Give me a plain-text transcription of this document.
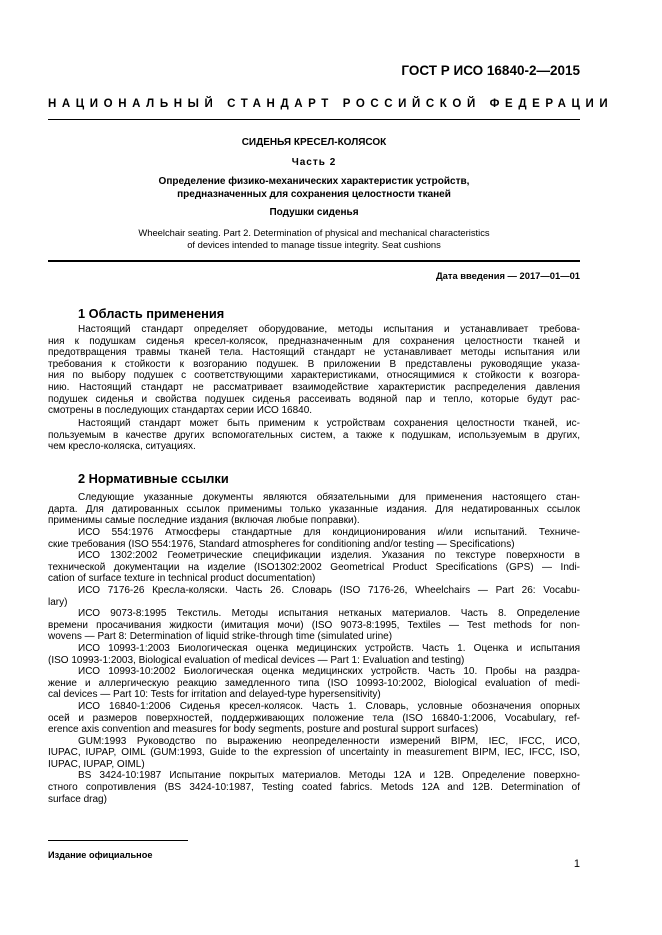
ГОСТ Р ИСО 16840-2—2015
НАЦИОНАЛЬНЫЙ СТАНДАРТ РОССИЙСКОЙ ФЕДЕРАЦИИ
СИДЕНЬЯ КРЕСЕЛ-КОЛЯСОК
Часть 2
Определение физико-механических характеристик устройств,
предназначенных для сохранения целостности тканей
Подушки сиденья
Wheelchair seating. Part 2. Determination of physical and mechanical characteristics
of devices intended to manage tissue integrity. Seat cushions
Дата введения — 2017—01—01
1 Область применения
Настоящий стандарт определяет оборудование, методы испытания и устанавливает требова-
ния к подушкам сиденья кресел-колясок, предназначенным для сохранения целостности тканей и
предотвращения травмы тканей тела. Настоящий стандарт не устанавливает методы испытания или
требования к стойкости к возгоранию подушек. В приложении В представлены руководящие указа-
ния по выбору подушек с соответствующими характеристиками, относящимися к стойкости к возгора-
нию. Настоящий стандарт не рассматривает взаимодействие характеристик распределения давления
подушек сиденья и свойства подушек сиденья рассеивать водяной пар и тепло, которые будут рас-
смотрены в последующих стандартах серии ИСО 16840.
Настоящий стандарт может быть применим к устройствам сохранения целостности тканей, ис-
пользуемым в качестве других вспомогательных систем, а также к подушкам, используемым в других,
чем кресло-коляска, ситуациях.
2 Нормативные ссылки
Следующие указанные документы являются обязательными для применения настоящего стан-
дарта. Для датированных ссылок применимы только указанные издания. Для недатированных ссылок
применимы самые последние издания (включая любые поправки).
ИСО 554:1976 Атмосферы стандартные для кондиционирования и/или испытаний. Техниче-
ские требования (ISO 554:1976, Standard atmospheres for conditioning and/or testing — Specifications)
ИСО 1302:2002 Геометрические спецификации изделия. Указания по текстуре поверхности в
технической документации на изделие (ISO1302:2002 Geometrical Product Specifications (GPS) — Indi-
cation of surface texture in technical product documentation)
ИСО 7176-26 Кресла-коляски. Часть 26. Словарь (ISO 7176-26, Wheelchairs — Part 26: Vocabu-
lary)
ИСО 9073-8:1995 Текстиль. Методы испытания нетканых материалов. Часть 8. Определение
времени просачивания жидкости (имитация мочи) (ISO 9073-8:1995, Textiles — Test methods for non-
wovens — Part 8: Determination of liquid strike-through time (simulated urine)
ИСО 10993-1:2003 Биологическая оценка медицинских устройств. Часть 1. Оценка и испытания
(ISO 10993-1:2003, Biological evaluation of medical devices — Part 1: Evaluation and testing)
ИСО 10993-10:2002 Биологическая оценка медицинских устройств. Часть 10. Пробы на раздра-
жение и аллергическую реакцию замедленного типа (ISO 10993-10:2002, Biological evaluation of medi-
cal devices — Part 10: Tests for irritation and delayed-type hypersensitivity)
ИСО 16840-1:2006 Сиденья кресел-колясок. Часть 1. Словарь, условные обозначения опорных
осей и размеров поверхностей, поддерживающих положение тела (ISO 16840-1:2006, Vocabulary, ref-
erence axis convention and measures for body segments, posture and postural support surfaces)
GUM:1993 Руководство по выражению неопределенности измерений BIPM, IEC, IFCC, ИСО,
IUPAC, IUPAP, OIML (GUM:1993, Guide to the expression of uncertainty in measurement BIPM, IEC, IFCC, ISO,
IUPAC, IUPAP, OIML)
BS 3424-10:1987 Испытание покрытых материалов. Методы 12А и 12В. Определение поверхно-
стного сопротивления (BS 3424-10:1987, Testing coated fabrics. Metods 12A and 12B. Determination of
surface drag)
Издание официальное
1
